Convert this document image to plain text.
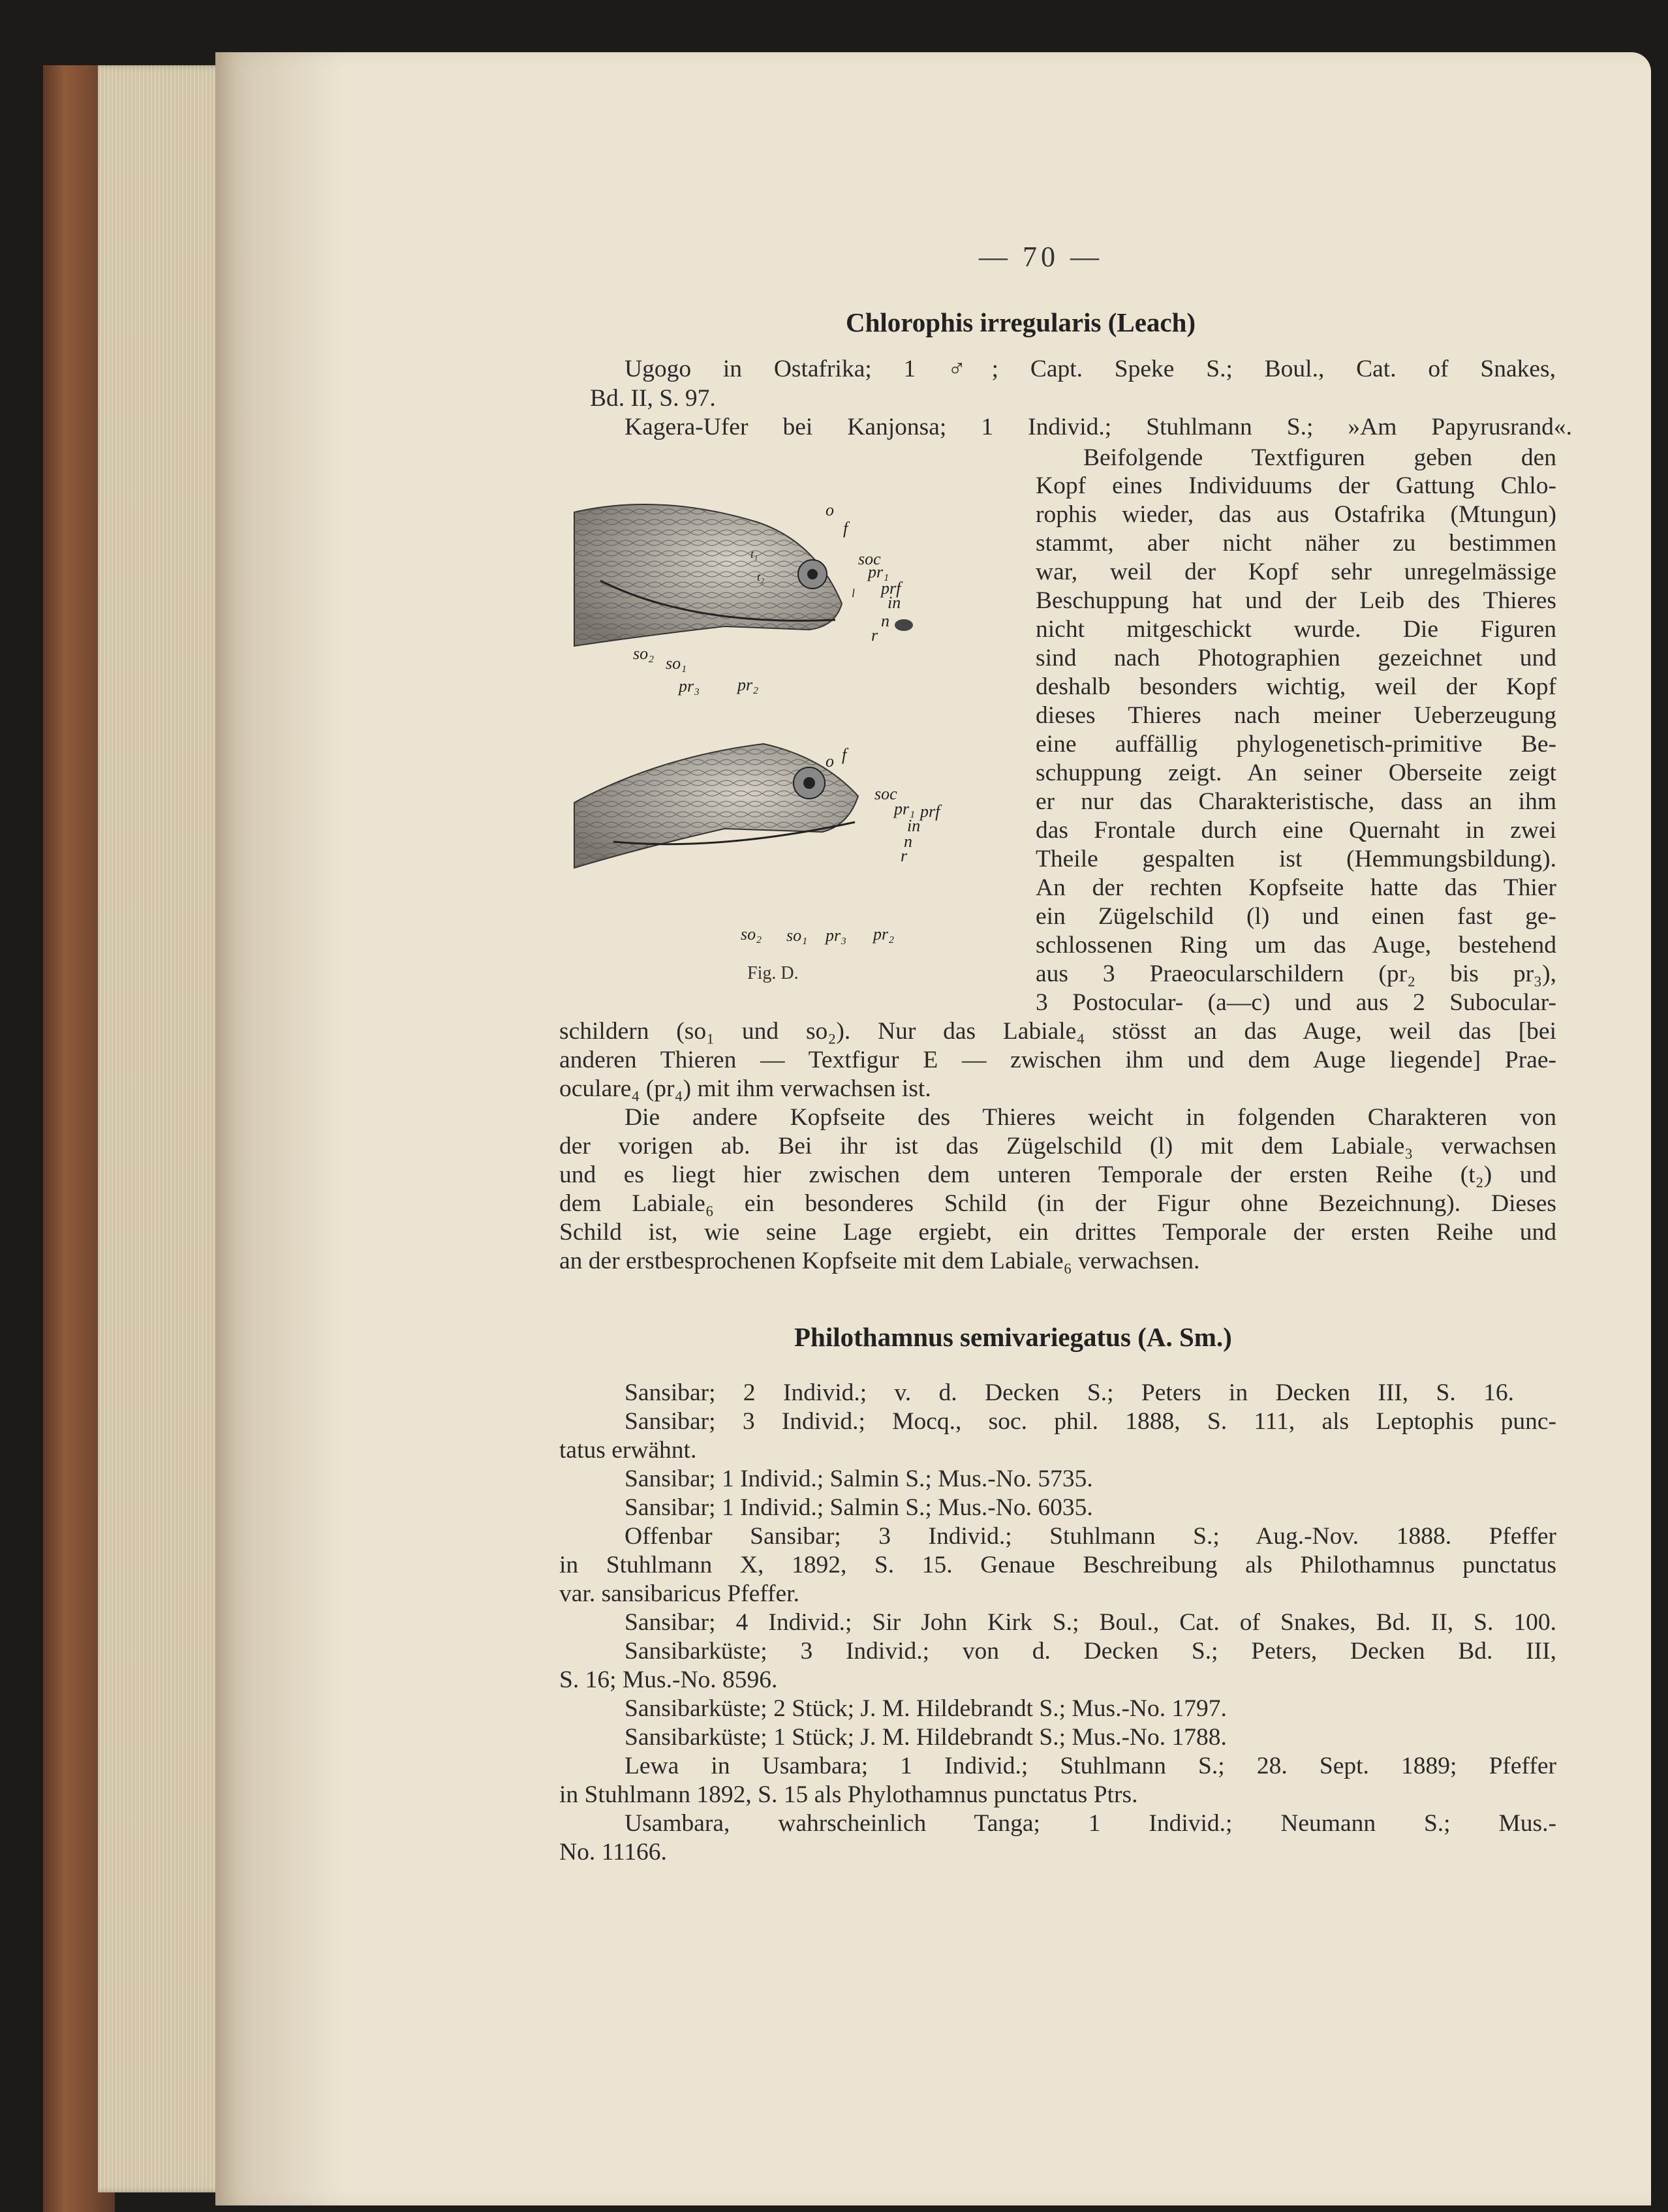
— 70 —
Chlorophis irregularis (Leach)
Ugogo in Ostafrika; 1 ♂; Capt. Speke S.; Boul., Cat. of Snakes,
Bd. II, S. 97.
Kagera-Ufer bei Kanjonsa; 1 Individ.; Stuhlmann S.; »Am Papyrusrand«.
Beifolgende Textfiguren geben den
Kopf eines Individuums der Gattung Chlo-
rophis wieder, das aus Ostafrika (Mtungun)
stammt, aber nicht näher zu bestimmen
war, weil der Kopf sehr unregelmässige
Beschuppung hat und der Leib des Thieres
nicht mitgeschickt wurde. Die Figuren
sind nach Photographien gezeichnet und
deshalb besonders wichtig, weil der Kopf
dieses Thieres nach meiner Ueberzeugung
eine auffällig phylogenetisch-primitive Be-
schuppung zeigt. An seiner Oberseite zeigt
er nur das Charakteristische, dass an ihm
das Frontale durch eine Quernaht in zwei
Theile gespalten ist (Hemmungsbildung).
An der rechten Kopfseite hatte das Thier
ein Zügelschild (l) und einen fast ge-
schlossenen Ring um das Auge, bestehend
aus 3 Praeocularschildern (pr₂ bis pr₃),
3 Postocular- (a—c) und aus 2 Subocular-
schildern (so₁ und so₂). Nur das Labiale₄ stösst an das Auge, weil das [bei
anderen Thieren — Textfigur E — zwischen ihm und dem Auge liegende] Prae-
oculare₄ (pr₄) mit ihm verwachsen ist.
Die andere Kopfseite des Thieres weicht in folgenden Charakteren von
der vorigen ab. Bei ihr ist das Zügelschild (l) mit dem Labiale₃ verwachsen
und es liegt hier zwischen dem unteren Temporale der ersten Reihe (t₂) und
dem Labiale₆ ein besonderes Schild (in der Figur ohne Bezeichnung). Dieses
Schild ist, wie seine Lage ergiebt, ein drittes Temporale der ersten Reihe und
an der erstbesprochenen Kopfseite mit dem Labiale₆ verwachsen.
o
f
soc
pr₁
prf
in
n
r
so₂
so₁
pr₃ pr₂
t₁
t₂
l
o f
soc
pr₁ prf
in
n
r
so₂ so₁ pr₃ pr₂
Fig. D.
Philothamnus semivariegatus (A. Sm.)
Sansibar; 2 Individ.; v. d. Decken S.; Peters in Decken III, S. 16.
Sansibar; 3 Individ.; Mocq., soc. phil. 1888, S. 111, als Leptophis punc-
tatus erwähnt.
Sansibar; 1 Individ.; Salmin S.; Mus.-No. 5735.
Sansibar; 1 Individ.; Salmin S.; Mus.-No. 6035.
Offenbar Sansibar; 3 Individ.; Stuhlmann S.; Aug.-Nov. 1888. Pfeffer
in Stuhlmann X, 1892, S. 15. Genaue Beschreibung als Philothamnus punctatus
var. sansibaricus Pfeffer.
Sansibar; 4 Individ.; Sir John Kirk S.; Boul., Cat. of Snakes, Bd. II, S. 100.
Sansibarküste; 3 Individ.; von d. Decken S.; Peters, Decken Bd. III,
S. 16; Mus.-No. 8596.
Sansibarküste; 2 Stück; J. M. Hildebrandt S.; Mus.-No. 1797.
Sansibarküste; 1 Stück; J. M. Hildebrandt S.; Mus.-No. 1788.
Lewa in Usambara; 1 Individ.; Stuhlmann S.; 28. Sept. 1889; Pfeffer
in Stuhlmann 1892, S. 15 als Phylothamnus punctatus Ptrs.
Usambara, wahrscheinlich Tanga; 1 Individ.; Neumann S.; Mus.-
No. 11166.
